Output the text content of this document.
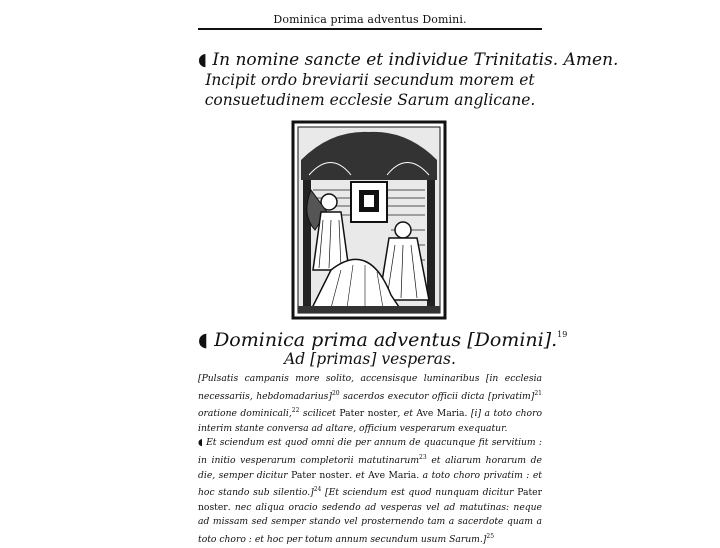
Dominica prima adventus Domini.
◖ In nomine sancte et individue Trinitatis. Amen.
Incipit ordo breviarii secundum morem et consuetudinem ecclesie Sarum anglicane.
◖ Dominica prima adventus [Domini].$^{19}$
Ad [primas] vesperas.

[Pulsatis campanis more solito, accensisque luminaribus [in ecclesia necessariis, hebdomadarius]$^{20}$ sacerdos executor officii dicta [privatim]$^{21}$ oratione dominicali,$^{22}$ scilicet Pater noster, et Ave Maria. [i] a toto choro interim stante conversa ad altare, officium vesperarum exequatur.

◖ Et sciendum est quod omni die per annum de quacunque fit servitium : in initio vesperarum completorii matutinarum$^{23}$ et aliarum horarum de die, semper dicitur Pater noster. et Ave Maria. a toto choro privatim : et hoc stando sub silentio.]$^{24}$ [Et sciendum est quod nunquam dicitur Pater noster. nec aliqua oracio sedendo ad vesperas vel ad matutinas: neque ad missam sed semper stando vel prosternendo tam a sacerdote quam a toto choro : et hoc per totum annum secundum usum Sarum.]$^{25}$
